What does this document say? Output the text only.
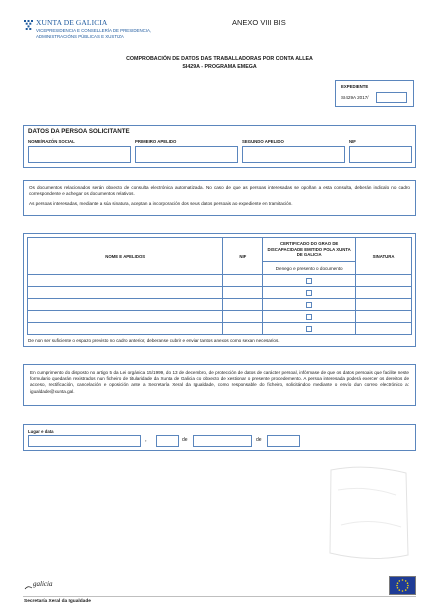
XUNTA DE GALICIA
VICEPRESIDENCIA E CONSELLERÍA DE PRESIDENCIA,
ADMINISTRACIÓNS PÚBLICAS E XUSTIZA
ANEXO VIII BIS
COMPROBACIÓN DE DATOS DAS TRABALLADORAS POR CONTA ALLEA
SI429A - PROGRAMA EMEGA
EXPEDIENTE
SI429A 2017/
DATOS DA PERSOA SOLICITANTE
NOME/RAZÓN SOCIAL	PRIMEIRO APELIDO	SEGUNDO APELIDO	NIF

Os documentos relacionados serán obxecto de consulta electrónica automatizada. No caso de que as persoas interesadas se opoñan a esta consulta, deberán indicalo no cadro correspondente e achegar os documentos relativos.

As persoas interesadas, mediante a súa sinatura, aceptan a incorporación dos seus datos persoais ao expediente en tramitación.

NOME E APELIDOS	NIF	CERTIFICADO DO GRAO DE DISCAPACIDADE EMITIDO POLA XUNTA DE GALICIA	SINATURA
		Denego e presento o documento	

De non ser suficiente o espazo previsto no cadro anterior, deberanse cubrir e enviar tantos anexos como sexan necesarios.

En cumprimento do disposto no artigo 5 da Lei orgánica 15/1999, do 13 de decembro, de protección de datos de carácter persoal, infórmase de que os datos persoais que facilite neste formulario quedarán rexistrados nun ficheiro de titularidade da Xunta de Galicia co obxecto de xestionar o presente procedemento. A persoa interesada poderá exercer os dereitos de acceso, rectificación, cancelación e oposición ante a Secretaría Xeral da Igualdade, como responsable do ficheiro, solicitándoo mediante o envío dun correo electrónico a: igualdade@xunta.gal.

Lugar e data
,	de	de
galicia
Secretaría Xeral da Igualdade
